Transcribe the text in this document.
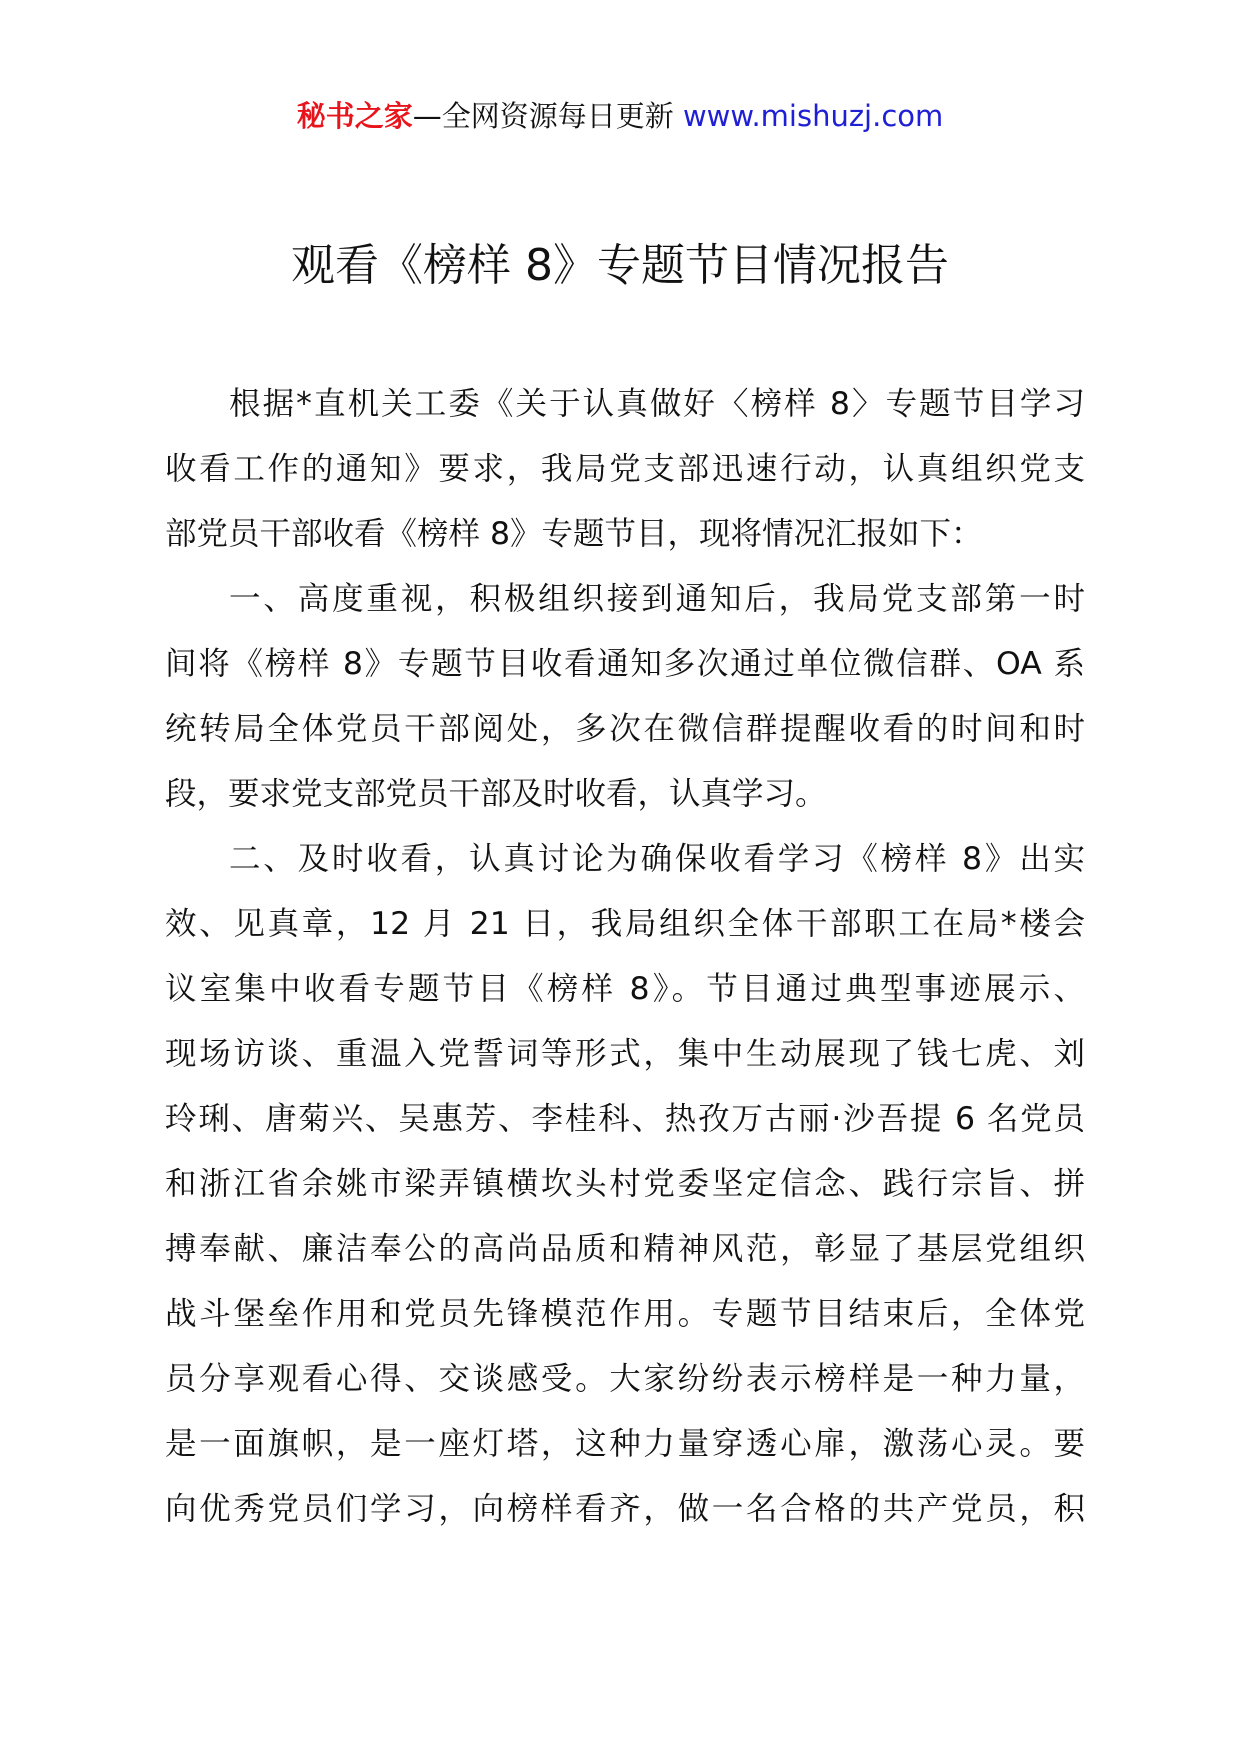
秘书之家—全网资源每日更新 www.mishuzj.com
观看《榜样 8》专题节目情况报告
根据*直机关工委《关于认真做好〈榜样 8〉专题节目学习
收看工作的通知》要求，我局党支部迅速行动，认真组织党支
部党员干部收看《榜样 8》专题节目，现将情况汇报如下：
一、高度重视，积极组织接到通知后，我局党支部第一时
间将《榜样 8》专题节目收看通知多次通过单位微信群、OA 系
统转局全体党员干部阅处，多次在微信群提醒收看的时间和时
段，要求党支部党员干部及时收看，认真学习。
二、及时收看，认真讨论为确保收看学习《榜样 8》出实
效、见真章，12 月 21 日，我局组织全体干部职工在局*楼会
议室集中收看专题节目《榜样 8》。节目通过典型事迹展示、
现场访谈、重温入党誓词等形式，集中生动展现了钱七虎、刘
玲琍、唐菊兴、吴惠芳、李桂科、热孜万古丽·沙吾提 6 名党员
和浙江省余姚市梁弄镇横坎头村党委坚定信念、践行宗旨、拼
搏奉献、廉洁奉公的高尚品质和精神风范，彰显了基层党组织
战斗堡垒作用和党员先锋模范作用。专题节目结束后，全体党
员分享观看心得、交谈感受。大家纷纷表示榜样是一种力量，
是一面旗帜，是一座灯塔，这种力量穿透心扉，激荡心灵。要
向优秀党员们学习，向榜样看齐，做一名合格的共产党员，积
